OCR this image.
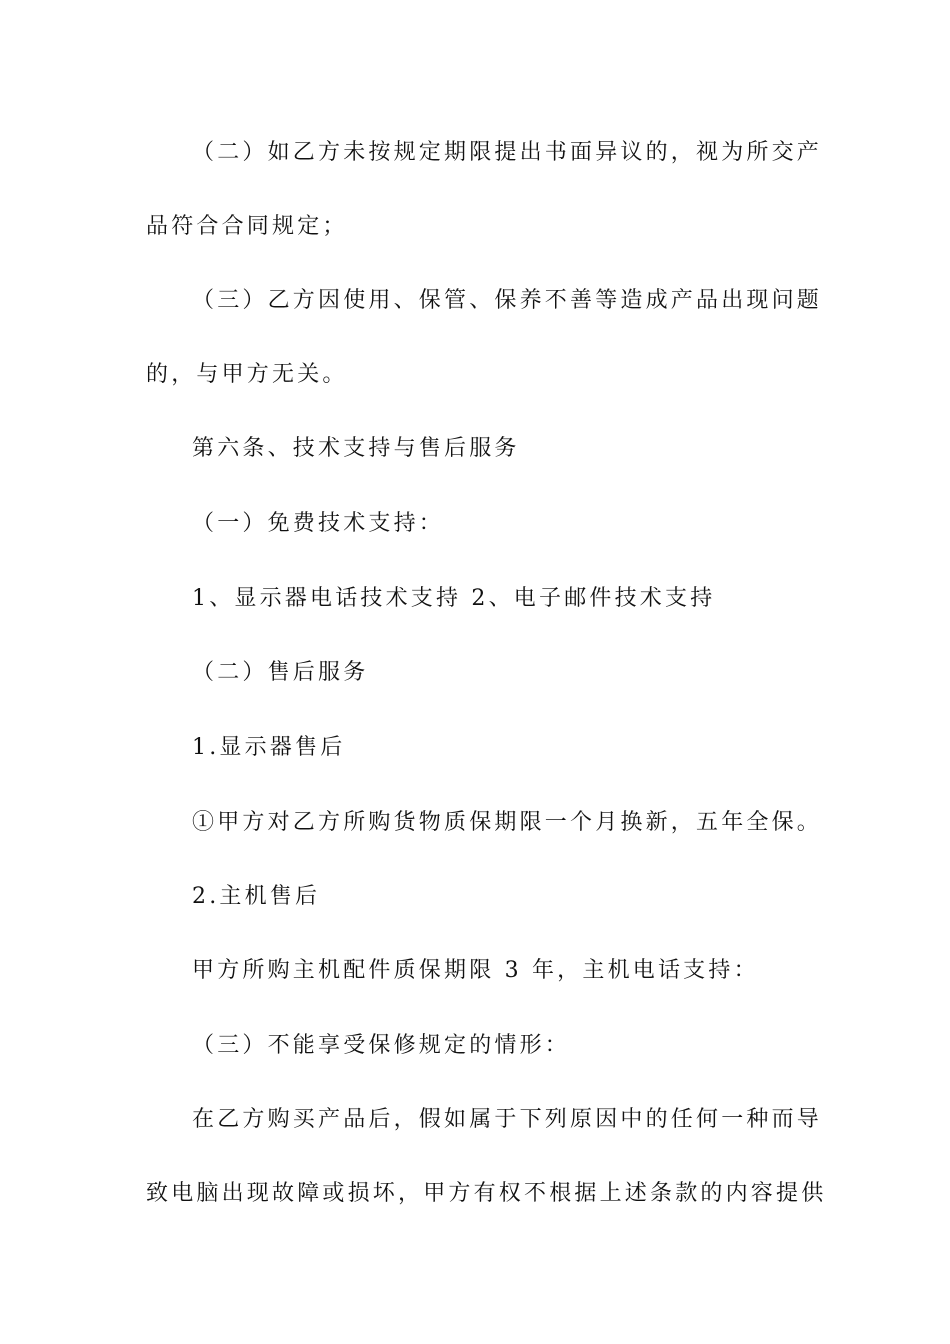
（二）如乙方未按规定期限提出书面异议的，视为所交产

品符合合同规定；

（三）乙方因使用、保管、保养不善等造成产品出现问题

的，与甲方无关。

第六条、技术支持与售后服务

（一）免费技术支持：

1、显示器电话技术支持 2、电子邮件技术支持

（二）售后服务

1.显示器售后

①甲方对乙方所购货物质保期限一个月换新，五年全保。

2.主机售后

甲方所购主机配件质保期限 3 年，主机电话支持：

（三）不能享受保修规定的情形：

在乙方购买产品后，假如属于下列原因中的任何一种而导

致电脑出现故障或损坏，甲方有权不根据上述条款的内容提供
